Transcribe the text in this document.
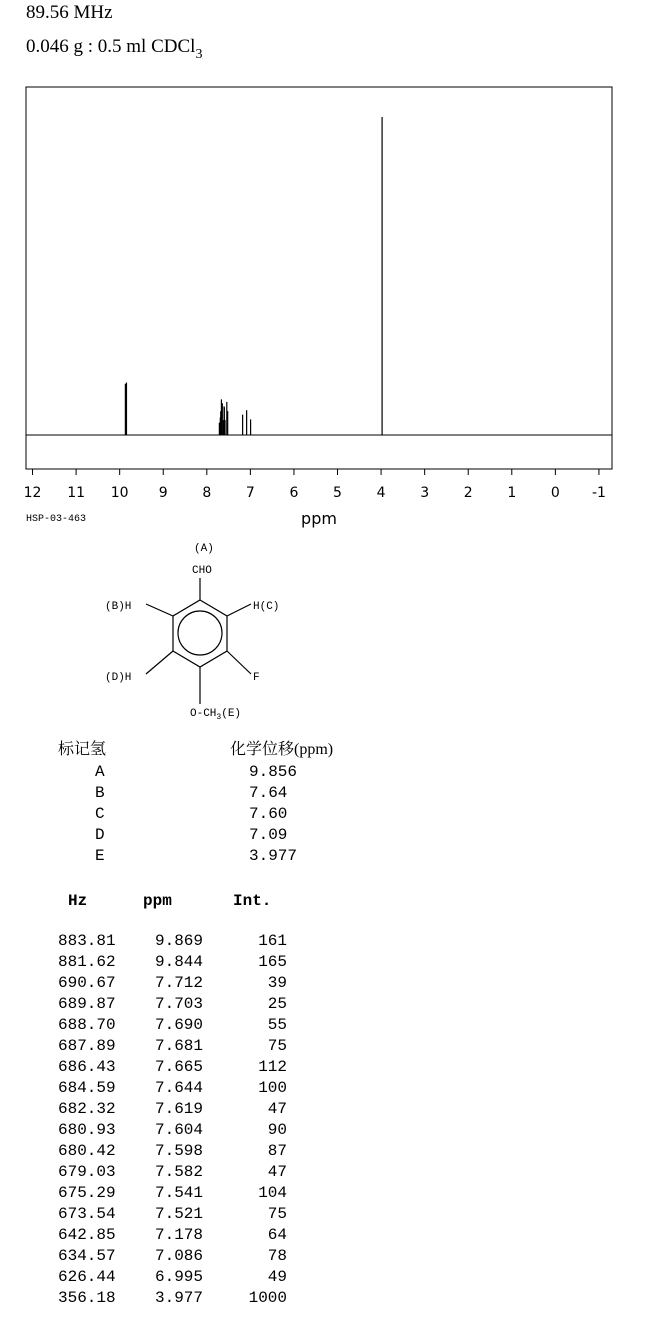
89.56 MHz
0.046 g : 0.5 ml CDCl$_3$
12 11 10 9 8 7 6 5 4 3 2 1 0 -1
ppm
HSP-03-463
(A)
CHO
(B)H	H(C)
(D)H	F
$O-CH_3(E)$
标记氢	化学位移(ppm)
A	9.856
B	7.64
C	7.60
D	7.09
E	3.977
Hz	ppm	Int.
883.81 9.869	161
881.62 9.844	165
690.67 7.712	39
689.87 7.703	25
688.70 7.690	55
687.89 7.681	75
686.43 7.665	112
684.59 7.644	100
682.32 7.619	47
680.93 7.604	90
680.42 7.598	87
679.03 7.582	47
675.29 7.541	104
673.54 7.521	75
642.85 7.178	64
634.57 7.086	78
626.44 6.995	49
356.18 3.977	1000
